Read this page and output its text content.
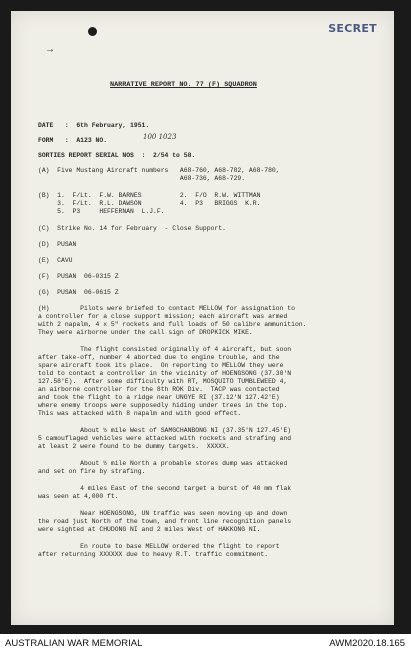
SECRET
→
NARRATIVE REPORT NO. 77 (F) SQUADRON
DATE   :  6th February, 1951.
FORM   :  A123 NO.	100 1023
SORTIES REPORT SERIAL NOS  :  2/54 to 58.
(A)  Five Mustang Aircraft numbers   A68-760, A68-782, A68-780,
A68-736, A68-729.
(B)  1.  F/Lt.  F.W. BARNES          2.  F/O  R.W. WITTMAN
3.  F/Lt.  R.L. DAWSON          4.  P3   BRIGGS  K.R.
5.  P3     HEFFERNAN  L.J.F.
(C)  Strike No. 14 for February  - Close Support.
(D)  PUSAN
(E)  CAVU
(F)  PUSAN  06-0315 Z
(G)  PUSAN  06-0615 Z
(H)        Pilots were briefed to contact MELLOW for assignation to
a controller for a close support mission; each aircraft was armed
with 2 napalm, 4 x 5" rockets and full loads of 50 calibre ammunition.
They were airborne under the call sign of DROPKICK MIKE.
The flight consisted originally of 4 aircraft, but soon
after take-off, number 4 aborted due to engine trouble, and the
spare aircraft took its place.  On reporting to MELLOW they were
told to contact a controller in the vicinity of HOENGSONG (37.30'N
127.58'E).  After some difficulty with RT, MOSQUITO TUMBLEWEED 4,
an airborne controller for the 8th ROK Div.  TACP was contacted
and took the flight to a ridge near UNGYE RI (37.12'N 127.42'E)
where enemy troops were supposedly hiding under trees in the top.
This was attacked with 8 napalm and with good effect.
About ½ mile West of SAMGCHANBONG NI (37.35'N 127.45'E)
5 camouflaged vehicles were attacked with rockets and strafing and
at least 2 were found to be dummy targets.  XXXXX.
About ½ mile North a probable stores dump was attacked
and set on fire by strafing.
4 miles East of the second target a burst of 40 mm flak
was seen at 4,000 ft.
Near HOENGSONG, UN traffic was seen moving up and down
the road just North of the town, and front line recognition panels
were sighted at CHUDONG NI and 2 miles West of HAKKONG NI.
En route to base MELLOW ordered the flight to report
after returning XXXXXX due to heavy R.T. traffic commitment.
AUSTRALIAN WAR MEMORIAL	AWM2020.18.165
